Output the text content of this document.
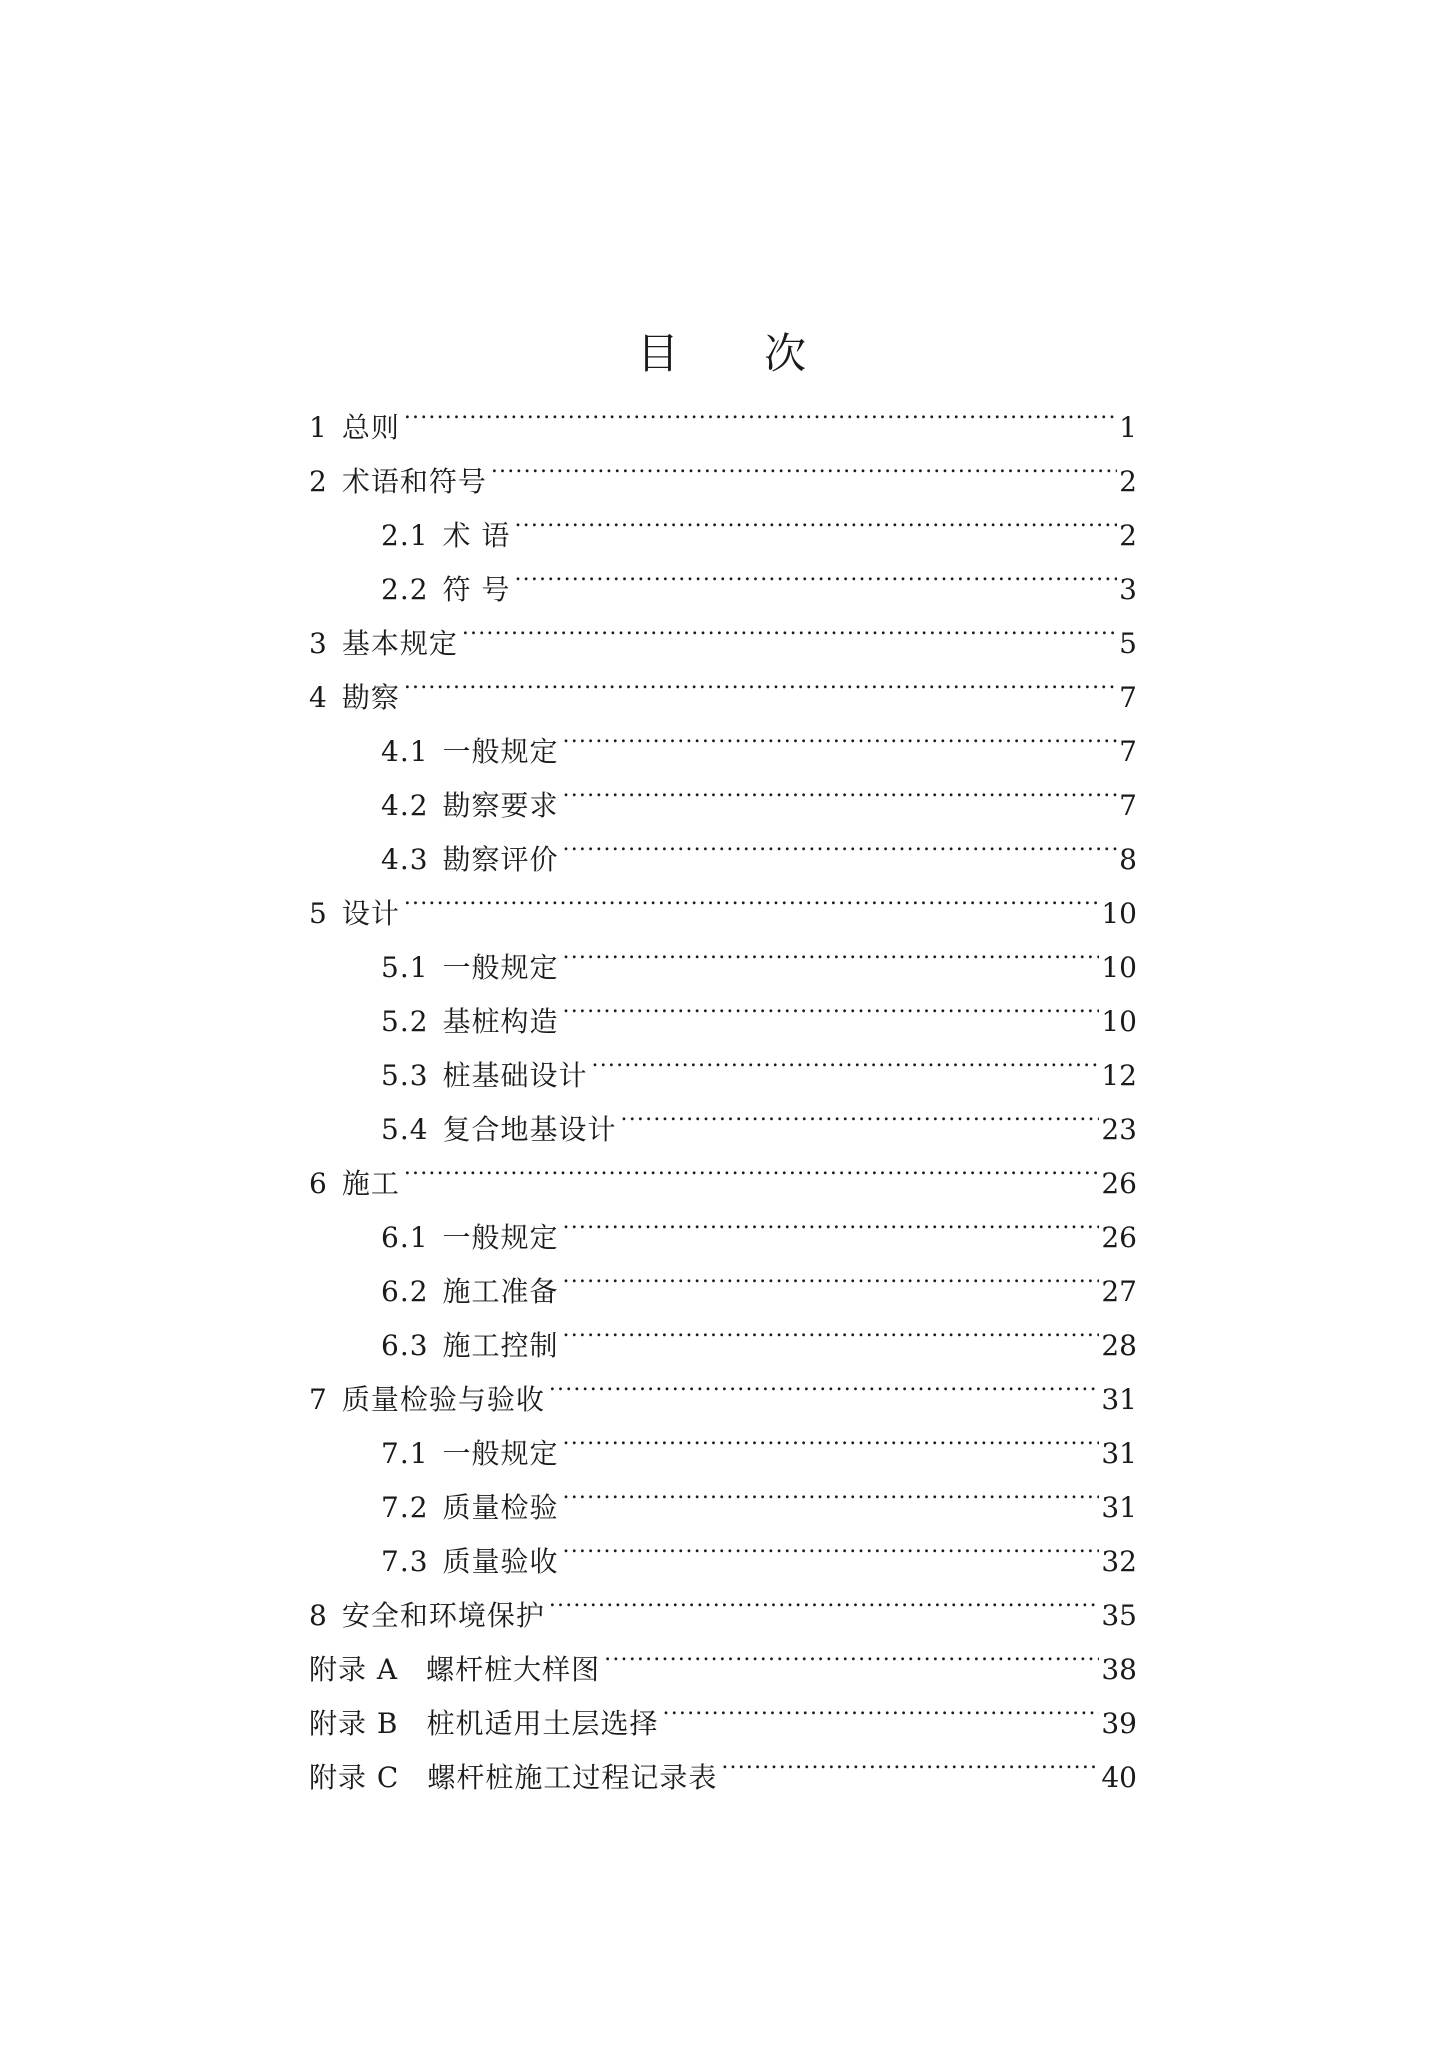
目 次
1 总则 .....	1
2 术语和符号 .....	2
2.1 术 语 .....	2
2.2 符 号 .....	3
3 基本规定 .....	5
4 勘察 .....	7
4.1 一般规定 .....	7
4.2 勘察要求 .....	7
4.3 勘察评价 .....	8
5 设计 .....	10
5.1 一般规定 .....	10
5.2 基桩构造 .....	10
5.3 桩基础设计 .....	12
5.4 复合地基设计 .....	23
6 施工 .....	26
6.1 一般规定 .....	26
6.2 施工准备 .....	27
6.3 施工控制 .....	28
7 质量检验与验收 .....	31
7.1 一般规定 .....	31
7.2 质量检验 .....	31
7.3 质量验收 .....	32
8 安全和环境保护 .....	35
附录 A 螺杆桩大样图 .....	38
附录 B 桩机适用土层选择 .....	39
附录 C 螺杆桩施工过程记录表 .....	40
